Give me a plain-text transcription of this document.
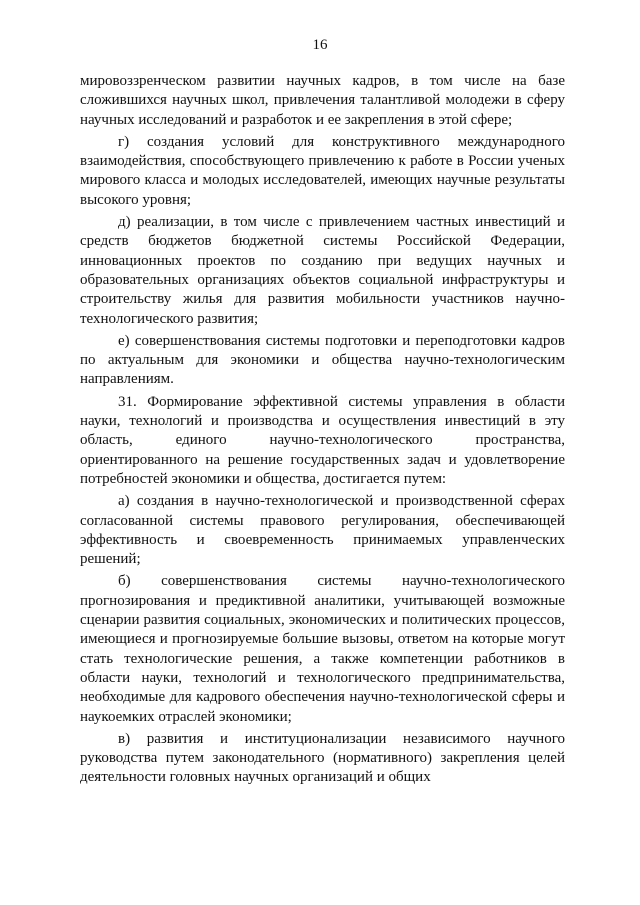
16

мировоззренческом развитии научных кадров, в том числе на базе сложившихся научных школ, привлечения талантливой молодежи в сферу научных исследований и разработок и ее закрепления в этой сфере;

г) создания условий для конструктивного международного взаимодействия, способствующего привлечению к работе в России ученых мирового класса и молодых исследователей, имеющих научные результаты высокого уровня;

д) реализации, в том числе с привлечением частных инвестиций и средств бюджетов бюджетной системы Российской Федерации, инновационных проектов по созданию при ведущих научных и образовательных организациях объектов социальной инфраструктуры и строительству жилья для развития мобильности участников научно-технологического развития;

е) совершенствования системы подготовки и переподготовки кадров по актуальным для экономики и общества научно-технологическим направлениям.

31. Формирование эффективной системы управления в области науки, технологий и производства и осуществления инвестиций в эту область, единого научно-технологического пространства, ориентированного на решение государственных задач и удовлетворение потребностей экономики и общества, достигается путем:

а) создания в научно-технологической и производственной сферах согласованной системы правового регулирования, обеспечивающей эффективность и своевременность принимаемых управленческих решений;

б) совершенствования системы научно-технологического прогнозирования и предиктивной аналитики, учитывающей возможные сценарии развития социальных, экономических и политических процессов, имеющиеся и прогнозируемые большие вызовы, ответом на которые могут стать технологические решения, а также компетенции работников в области науки, технологий и технологического предпринимательства, необходимые для кадрового обеспечения научно-технологической сферы и наукоемких отраслей экономики;

в) развития и институционализации независимого научного руководства путем законодательного (нормативного) закрепления целей деятельности головных научных организаций и общих
